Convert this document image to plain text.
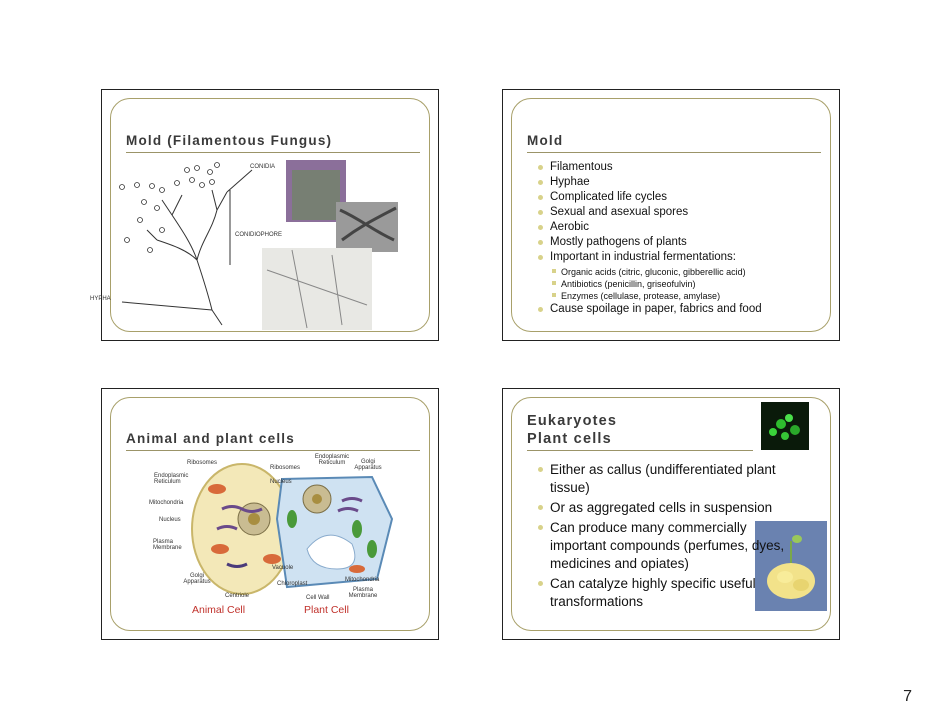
Mold (Filamentous Fungus)
CONIDIA
CONIDIOPHORE
HYPHA
Mold
Filamentous
Hyphae
Complicated life cycles
Sexual and asexual spores
Aerobic
Mostly pathogens of plants
Important in industrial fermentations:
Organic acids (citric, gluconic, gibberellic acid)
Antibiotics (penicillin, griseofulvin)
Enzymes (cellulase, protease, amylase)
Cause spoilage in paper, fabrics and food
Animal and plant cells
Ribosomes
Endoplasmic Reticulum
Mitochondria
Nucleus
Plasma Membrane
Golgi Apparatus
Centriole
Endoplasmic Reticulum	Golgi Apparatus
Ribosomes
Nucleus
Vacuole
Chloroplast
Mitochondria
Plasma Membrane
Cell Wall
Animal Cell	Plant Cell
Eukaryotes
Plant cells
Either as callus (undifferentiated plant tissue)
Or as aggregated cells in suspension
Can produce many commercially important compounds (perfumes, dyes, medicines and opiates)
Can catalyze highly specific useful transformations
7
